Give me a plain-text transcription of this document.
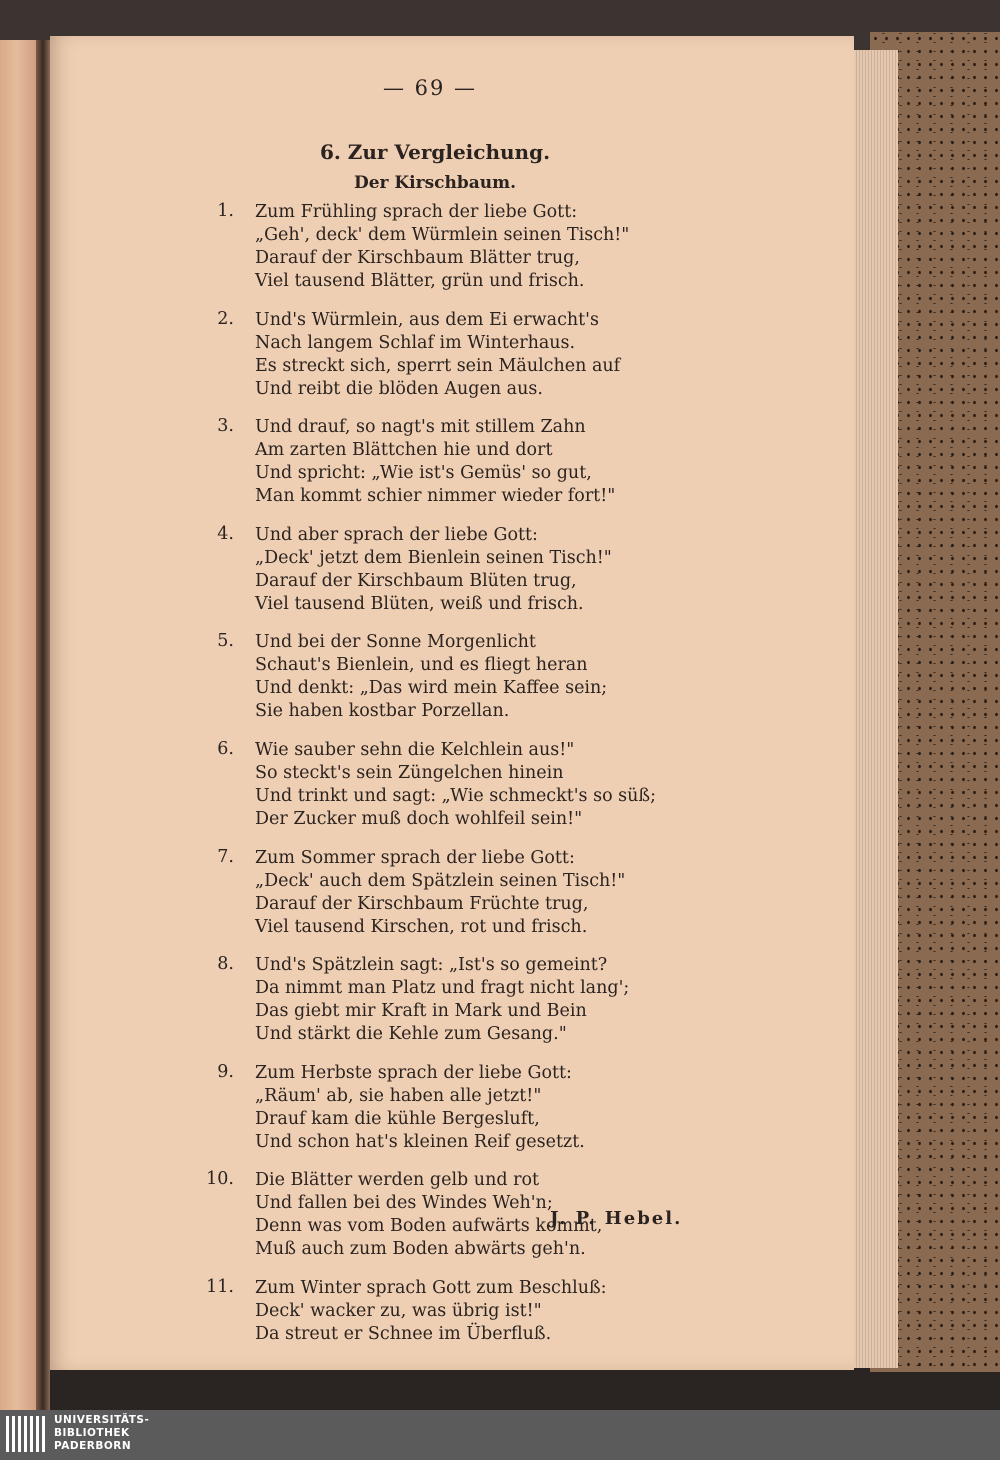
— 69 —
6. Zur Vergleichung.
Der Kirschbaum.
1. Zum Frühling sprach der liebe Gott:
„Geh', deck' dem Würmlein seinen Tisch!"
Darauf der Kirschbaum Blätter trug,
Viel tausend Blätter, grün und frisch.
2. Und's Würmlein, aus dem Ei erwacht's
Nach langem Schlaf im Winterhaus.
Es streckt sich, sperrt sein Mäulchen auf
Und reibt die blöden Augen aus.
3. Und drauf, so nagt's mit stillem Zahn
Am zarten Blättchen hie und dort
Und spricht: „Wie ist's Gemüs' so gut,
Man kommt schier nimmer wieder fort!"
4. Und aber sprach der liebe Gott:
„Deck' jetzt dem Bienlein seinen Tisch!"
Darauf der Kirschbaum Blüten trug,
Viel tausend Blüten, weiß und frisch.
5. Und bei der Sonne Morgenlicht
Schaut's Bienlein, und es fliegt heran
Und denkt: „Das wird mein Kaffee sein;
Sie haben kostbar Porzellan.
6. Wie sauber sehn die Kelchlein aus!"
So steckt's sein Züngelchen hinein
Und trinkt und sagt: „Wie schmeckt's so süß;
Der Zucker muß doch wohlfeil sein!"
7. Zum Sommer sprach der liebe Gott:
„Deck' auch dem Spätzlein seinen Tisch!"
Darauf der Kirschbaum Früchte trug,
Viel tausend Kirschen, rot und frisch.
8. Und's Spätzlein sagt: „Ist's so gemeint?
Da nimmt man Platz und fragt nicht lang';
Das giebt mir Kraft in Mark und Bein
Und stärkt die Kehle zum Gesang."
9. Zum Herbste sprach der liebe Gott:
„Räum' ab, sie haben alle jetzt!"
Drauf kam die kühle Bergesluft,
Und schon hat's kleinen Reif gesetzt.
10. Die Blätter werden gelb und rot
Und fallen bei des Windes Weh'n;
Denn was vom Boden aufwärts kommt,
Muß auch zum Boden abwärts geh'n.
11. Zum Winter sprach Gott zum Beschluß:
Deck' wacker zu, was übrig ist!"
Da streut er Schnee im Überfluß.
J. P. Hebel.
UNIVERSITÄTS-
BIBLIOTHEK
PADERBORN
